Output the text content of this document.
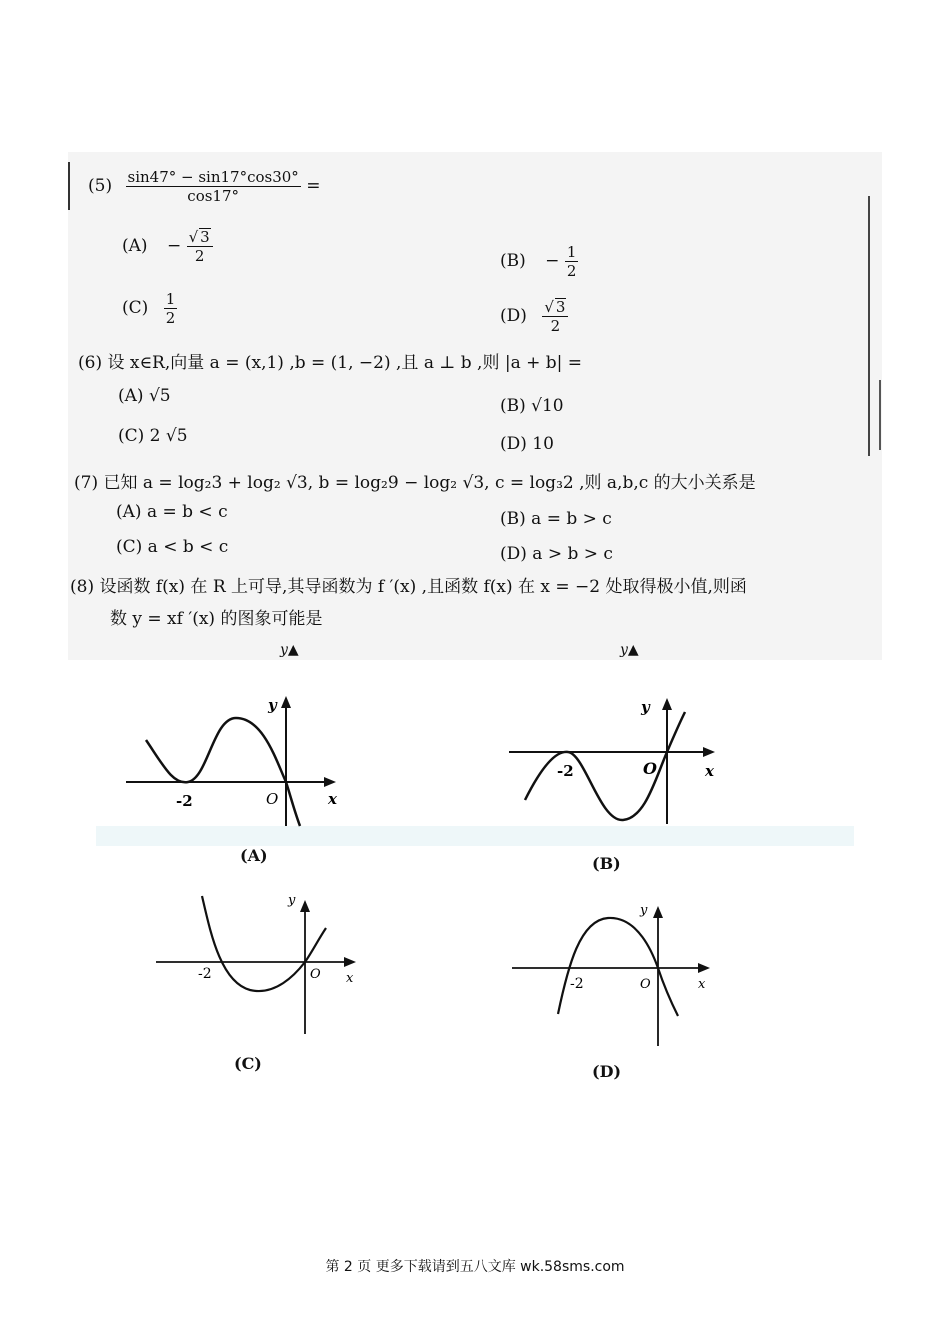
$(5) \frac{\sin 47^\circ - \sin 17^\circ\cos 30^\circ}{\cos 17^\circ}$ =
$(A) - \frac{√ 3}{2}$	$(B) - \frac{1}{2}$
$(C) \frac{1}{2}$	$(D) \frac{√ 3}{2}$
(6) 设 x∈R,向量 a = (x,1) ,b = (1, −2) ,且 a ⊥ b ,则 |a + b| =
(A) √5	(B) √10
(C) 2 √5	(D) 10
(7) 已知 a = log₂3 + log₂ √3, b = log₂9 − log₂ √3, c = log₃2 ,则 a,b,c 的大小关系是
(A) a = b < c	(B) a = b > c
(C) a < b < c	(D) a > b > c
(8) 设函数 f(x) 在 R 上可导,其导函数为 f ′(x) ,且函数 f(x) 在 x = −2 处取得极小值,则函
数 y = xf ′(x) 的图象可能是
y▲	y▲
-2	O	x
y
(A)
-2	O	x
y
(B)
-2	O x
y
(C)
-2	O	x
y
(D)
第 2 页 更多下载请到五八文库 wk.58sms.com
